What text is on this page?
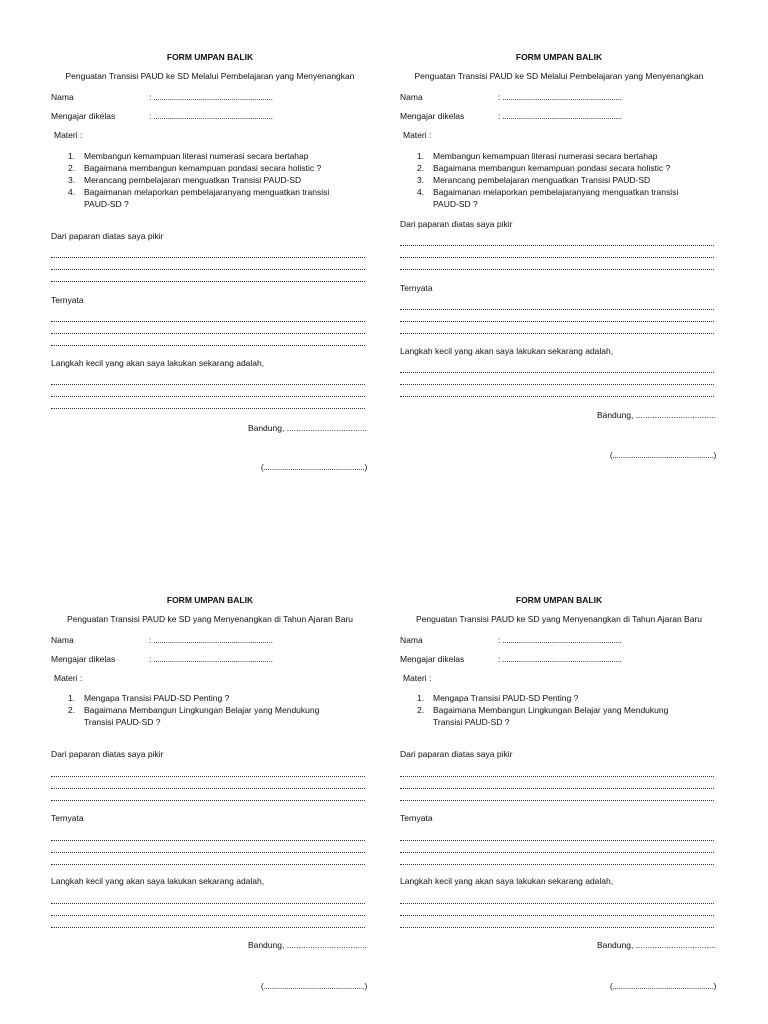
FORM UMPAN BALIK
Penguatan Transisi PAUD ke SD Melalui Pembelajaran yang Menyenangkan
Nama	: ..........................................................
Mengajar dikelas	: ..........................................................
Materi :
1. Membangun kemampuan literasi numerasi secara bertahap
2. Bagaimana membangun kemampuan pondasi secara holistic ?
3. Merancang pembelajaran menguatkan Transisi PAUD-SD
4. Bagaimanan melaporkan pembelajaranyang menguatkan transisi PAUD-SD ?
Dari paparan diatas saya pikir
Ternyata
Langkah kecil yang akan saya lakukan sekarang adalah,
Bandung, ..................................
(.................................................)
FORM UMPAN BALIK
Penguatan Transisi PAUD ke SD Melalui Pembelajaran yang Menyenangkan
Nama	: ..........................................................
Mengajar dikelas	: ..........................................................
Materi :
1. Membangun kemampuan literasi numerasi secara bertahap
2. Bagaimana membangun kemampuan pondasi secara holistic ?
3. Merancang pembelajaran menguatkan Transisi PAUD-SD
4. Bagaimanan melaporkan pembelajaranyang menguatkan transisi PAUD-SD ?
Dari paparan diatas saya pikir
Ternyata
Langkah kecil yang akan saya lakukan sekarang adalah,
Bandung, ..................................
(.................................................)
FORM UMPAN BALIK
Penguatan Transisi PAUD ke SD yang Menyenangkan di Tahun Ajaran Baru
Nama	: ..........................................................
Mengajar dikelas	: ..........................................................
Materi :
1. Mengapa Transisi PAUD-SD Penting ?
2. Bagaimana Membangun Lingkungan Belajar yang Mendukung Transisi PAUD-SD ?
Dari paparan diatas saya pikir
Ternyata
Langkah kecil yang akan saya lakukan sekarang adalah,
Bandung, ..................................
(.................................................)
FORM UMPAN BALIK
Penguatan Transisi PAUD ke SD yang Menyenangkan di Tahun Ajaran Baru
Nama	: ..........................................................
Mengajar dikelas	: ..........................................................
Materi :
1. Mengapa Transisi PAUD-SD Penting ?
2. Bagaimana Membangun Lingkungan Belajar yang Mendukung Transisi PAUD-SD ?
Dari paparan diatas saya pikir
Ternyata
Langkah kecil yang akan saya lakukan sekarang adalah,
Bandung, ..................................
(.................................................)
